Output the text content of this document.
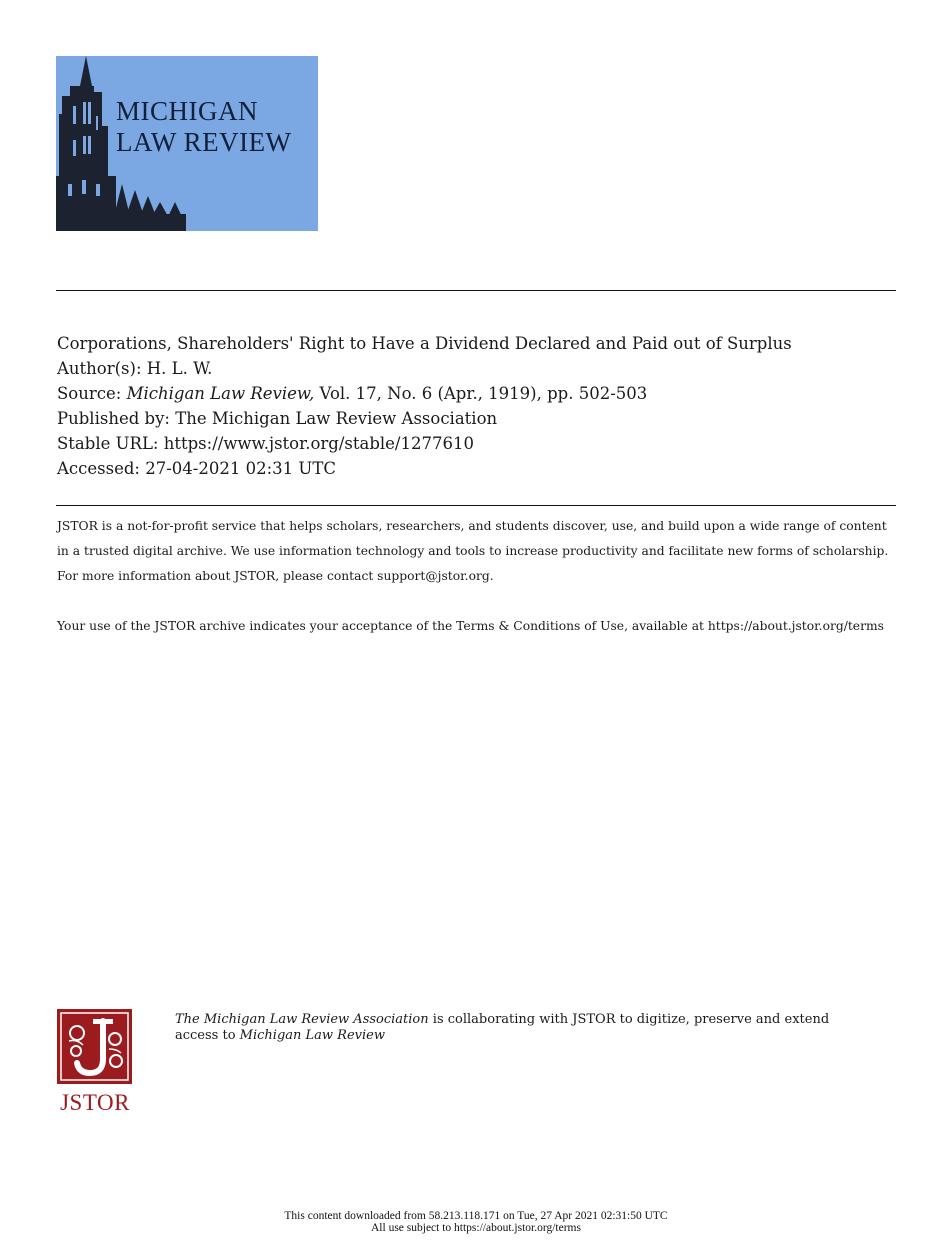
MICHIGAN
LAW REVIEW
Corporations, Shareholders' Right to Have a Dividend Declared and Paid out of Surplus
Author(s): H. L. W.
Source: Michigan Law Review, Vol. 17, No. 6 (Apr., 1919), pp. 502-503
Published by: The Michigan Law Review Association
Stable URL: https://www.jstor.org/stable/1277610
Accessed: 27-04-2021 02:31 UTC

JSTOR is a not-for-profit service that helps scholars, researchers, and students discover, use, and build upon a wide range of content in a trusted digital archive. We use information technology and tools to increase productivity and facilitate new forms of scholarship. For more information about JSTOR, please contact support@jstor.org.

Your use of the JSTOR archive indicates your acceptance of the Terms & Conditions of Use, available at https://about.jstor.org/terms

JSTOR
The Michigan Law Review Association is collaborating with JSTOR to digitize, preserve and extend access to Michigan Law Review
This content downloaded from 58.213.118.171 on Tue, 27 Apr 2021 02:31:50 UTC
All use subject to https://about.jstor.org/terms
